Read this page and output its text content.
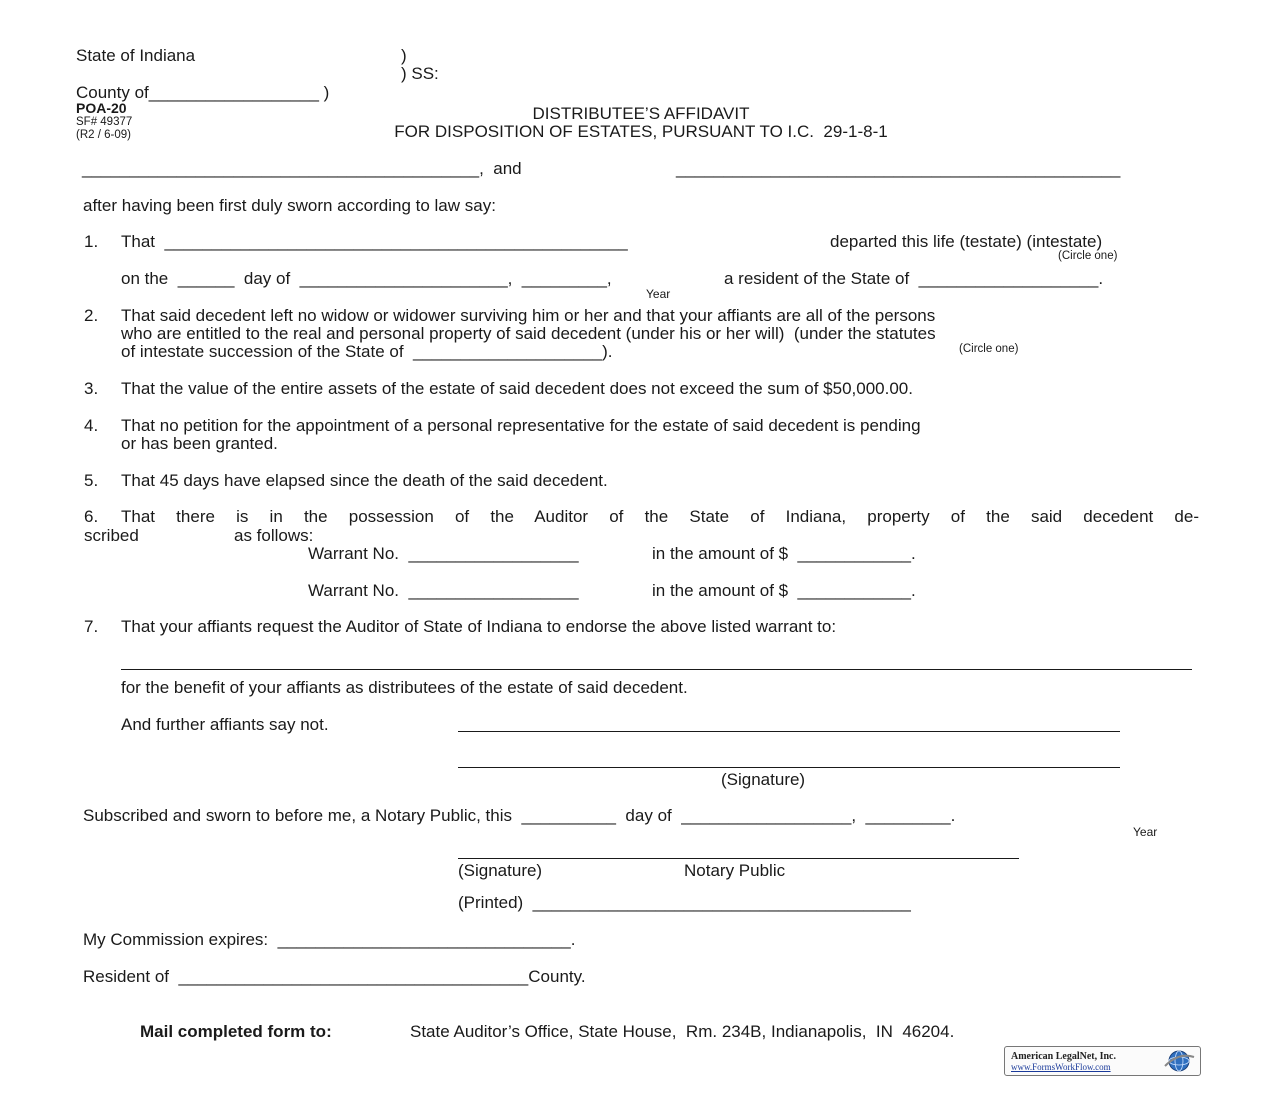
State of Indiana	)
) SS:
County of__________________ )
POA-20
SF# 49377
(R2 / 6-09)
DISTRIBUTEE’S AFFIDAVIT
FOR DISPOSITION OF ESTATES, PURSUANT TO I.C.  29-1-8-1
__________________________________________,  and	_______________________________________________
after having been first duly sworn according to law say:
1. That  _________________________________________________	departed this life (testate) (intestate)
(Circle one)
on the  ______  day of  ______________________,  _________,	a resident of the State of  ___________________.
Year
2. That said decedent left no widow or widower surviving him or her and that your affiants are all of the persons
who are entitled to the real and personal property of said decedent (under his or her will)  (under the statutes
of intestate succession of the State of  ____________________).	(Circle one)
3. That the value of the entire assets of the estate of said decedent does not exceed the sum of $50,000.00.
4. That no petition for the appointment of a personal representative for the estate of said decedent is pending
or has been granted.
5. That 45 days have elapsed since the death of the said decedent.
6. That there is in the possession of the Auditor of the State of Indiana, property of the said decedent de-
scribed	as follows:
Warrant No.  __________________	in the amount of $  ____________.
Warrant No.  __________________	in the amount of $  ____________.
7. That your affiants request the Auditor of State of Indiana to endorse the above listed warrant to:
for the benefit of your affiants as distributees of the estate of said decedent.
And further affiants say not.
(Signature)
Subscribed and sworn to before me, a Notary Public, this  __________  day of  __________________,  _________.
Year
(Signature)	Notary Public
(Printed)  ________________________________________
My Commission expires:  _______________________________.
Resident of  _____________________________________County.
Mail completed form to:	State Auditor’s Office, State House,  Rm. 234B, Indianapolis,  IN  46204.
American LegalNet, Inc.
www.FormsWorkFlow.com
